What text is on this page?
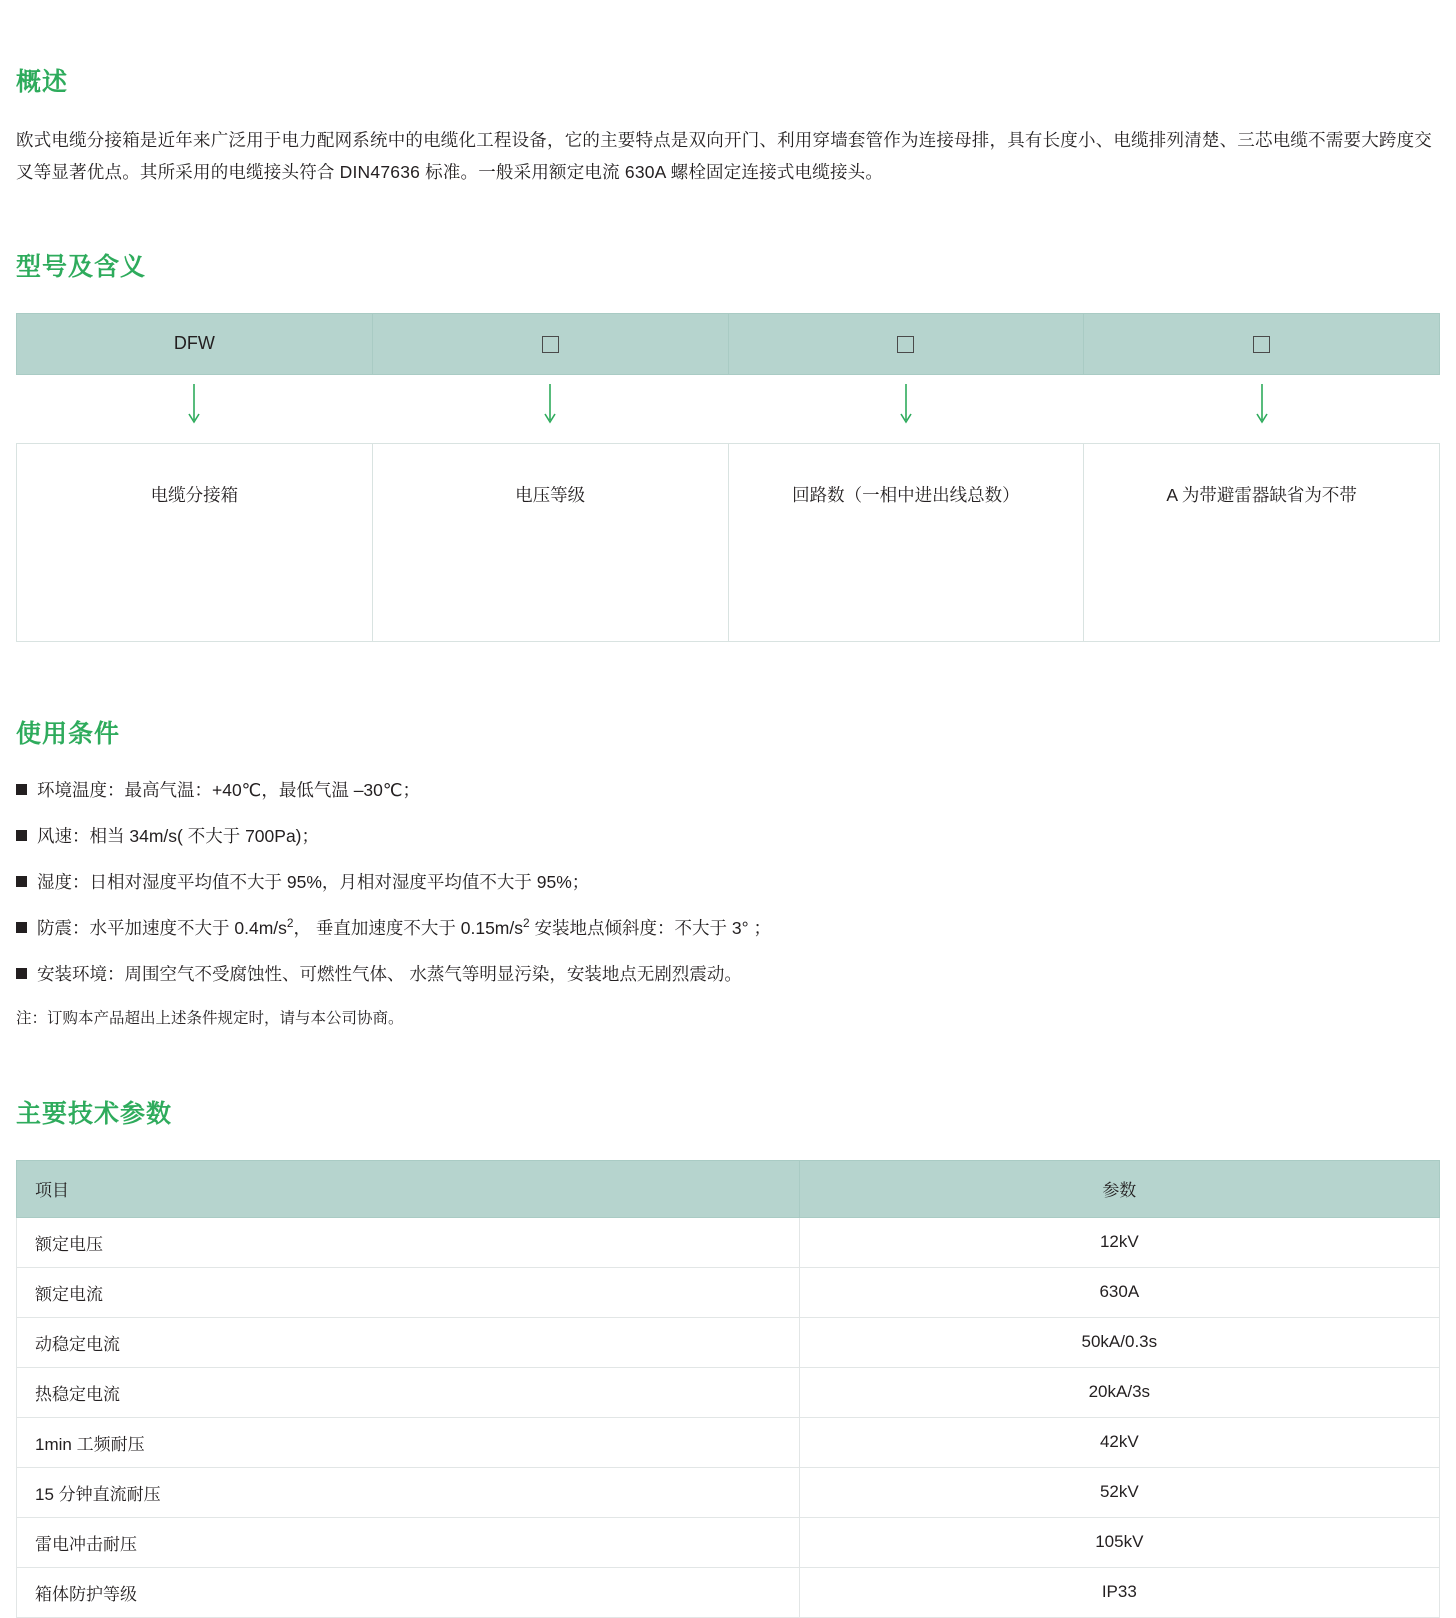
概述

欧式电缆分接箱是近年来广泛用于电力配网系统中的电缆化工程设备，它的主要特点是双向开门、利用穿墙套管作为连接母排，具有长度小、电缆排列清楚、三芯电缆不需要大跨度交叉等显著优点。其所采用的电缆接头符合 DIN47636 标准。一般采用额定电流 630A 螺栓固定连接式电缆接头。

型号及含义
DFW			

电缆分接箱	电压等级	回路数（一相中进出线总数）	A 为带避雷器缺省为不带
使用条件
环境温度：最高气温：+40℃，最低气温 –30℃；
风速：相当 34m/s( 不大于 700Pa)；
湿度：日相对湿度平均值不大于 95%，月相对湿度平均值不大于 95%；
防震：水平加速度不大于 $0.4m/s^2$， 垂直加速度不大于 $0.15m/s^2$ 安装地点倾斜度：不大于 3° ；
安装环境：周围空气不受腐蚀性、可燃性气体、 水蒸气等明显污染，安装地点无剧烈震动。
注：订购本产品超出上述条件规定时，请与本公司协商。
主要技术参数
项目	参数
额定电压	12kV
额定电流	630A
动稳定电流	50kA/0.3s
热稳定电流	20kA/3s
1min 工频耐压	42kV
15 分钟直流耐压	52kV
雷电冲击耐压	105kV
箱体防护等级	IP33
